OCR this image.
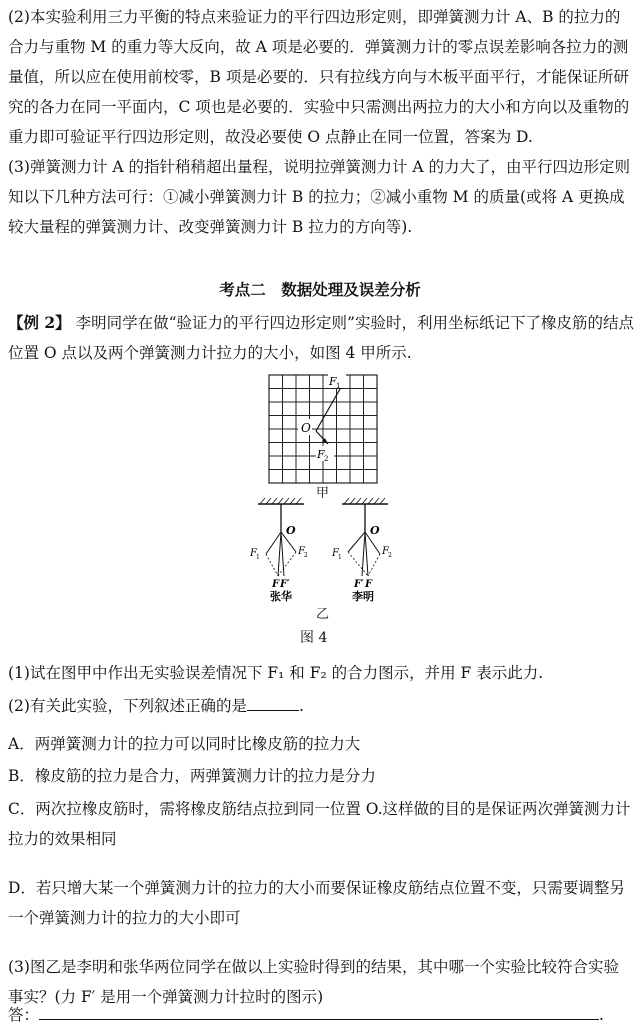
(2)本实验利用三力平衡的特点来验证力的平行四边形定则，即弹簧测力计 A、B 的拉力的合力与重物 M 的重力等大反向，故 A 项是必要的．弹簧测力计的零点误差影响各拉力的测量值，所以应在使用前校零，B 项是必要的．只有拉线方向与木板平面平行，才能保证所研究的各力在同一平面内，C 项也是必要的．实验中只需测出两拉力的大小和方向以及重物的重力即可验证平行四边形定则，故没必要使 O 点静止在同一位置，答案为 D.

(3)弹簧测力计 A 的指针稍稍超出量程，说明拉弹簧测力计 A 的力大了，由平行四边形定则知以下几种方法可行：①减小弹簧测力计 B 的拉力；②减小重物 M 的质量(或将 A 更换成较大量程的弹簧测力计、改变弹簧测力计 B 拉力的方向等).

考点二　数据处理及误差分析

【例 2】 李明同学在做“验证力的平行四边形定则”实验时，利用坐标纸记下了橡皮筋的结点位置 O 点以及两个弹簧测力计拉力的大小，如图 4 甲所示.

O
F 1
F 2
甲
O
F 1
F 2
F F′
张华
O
F 1
F 2
F′ F
李明
乙
图 4

(1)试在图甲中作出无实验误差情况下 F₁ 和 F₂ 的合力图示，并用 F 表示此力.

(2)有关此实验，下列叙述正确的是	.

A．两弹簧测力计的拉力可以同时比橡皮筋的拉力大

B．橡皮筋的拉力是合力，两弹簧测力计的拉力是分力

C．两次拉橡皮筋时，需将橡皮筋结点拉到同一位置 O.这样做的目的是保证两次弹簧测力计拉力的效果相同

D．若只增大某一个弹簧测力计的拉力的大小而要保证橡皮筋结点位置不变，只需要调整另一个弹簧测力计的拉力的大小即可

(3)图乙是李明和张华两位同学在做以上实验时得到的结果，其中哪一个实验比较符合实验事实？(力 F′ 是用一个弹簧测力计拉时的图示)

答：	.
